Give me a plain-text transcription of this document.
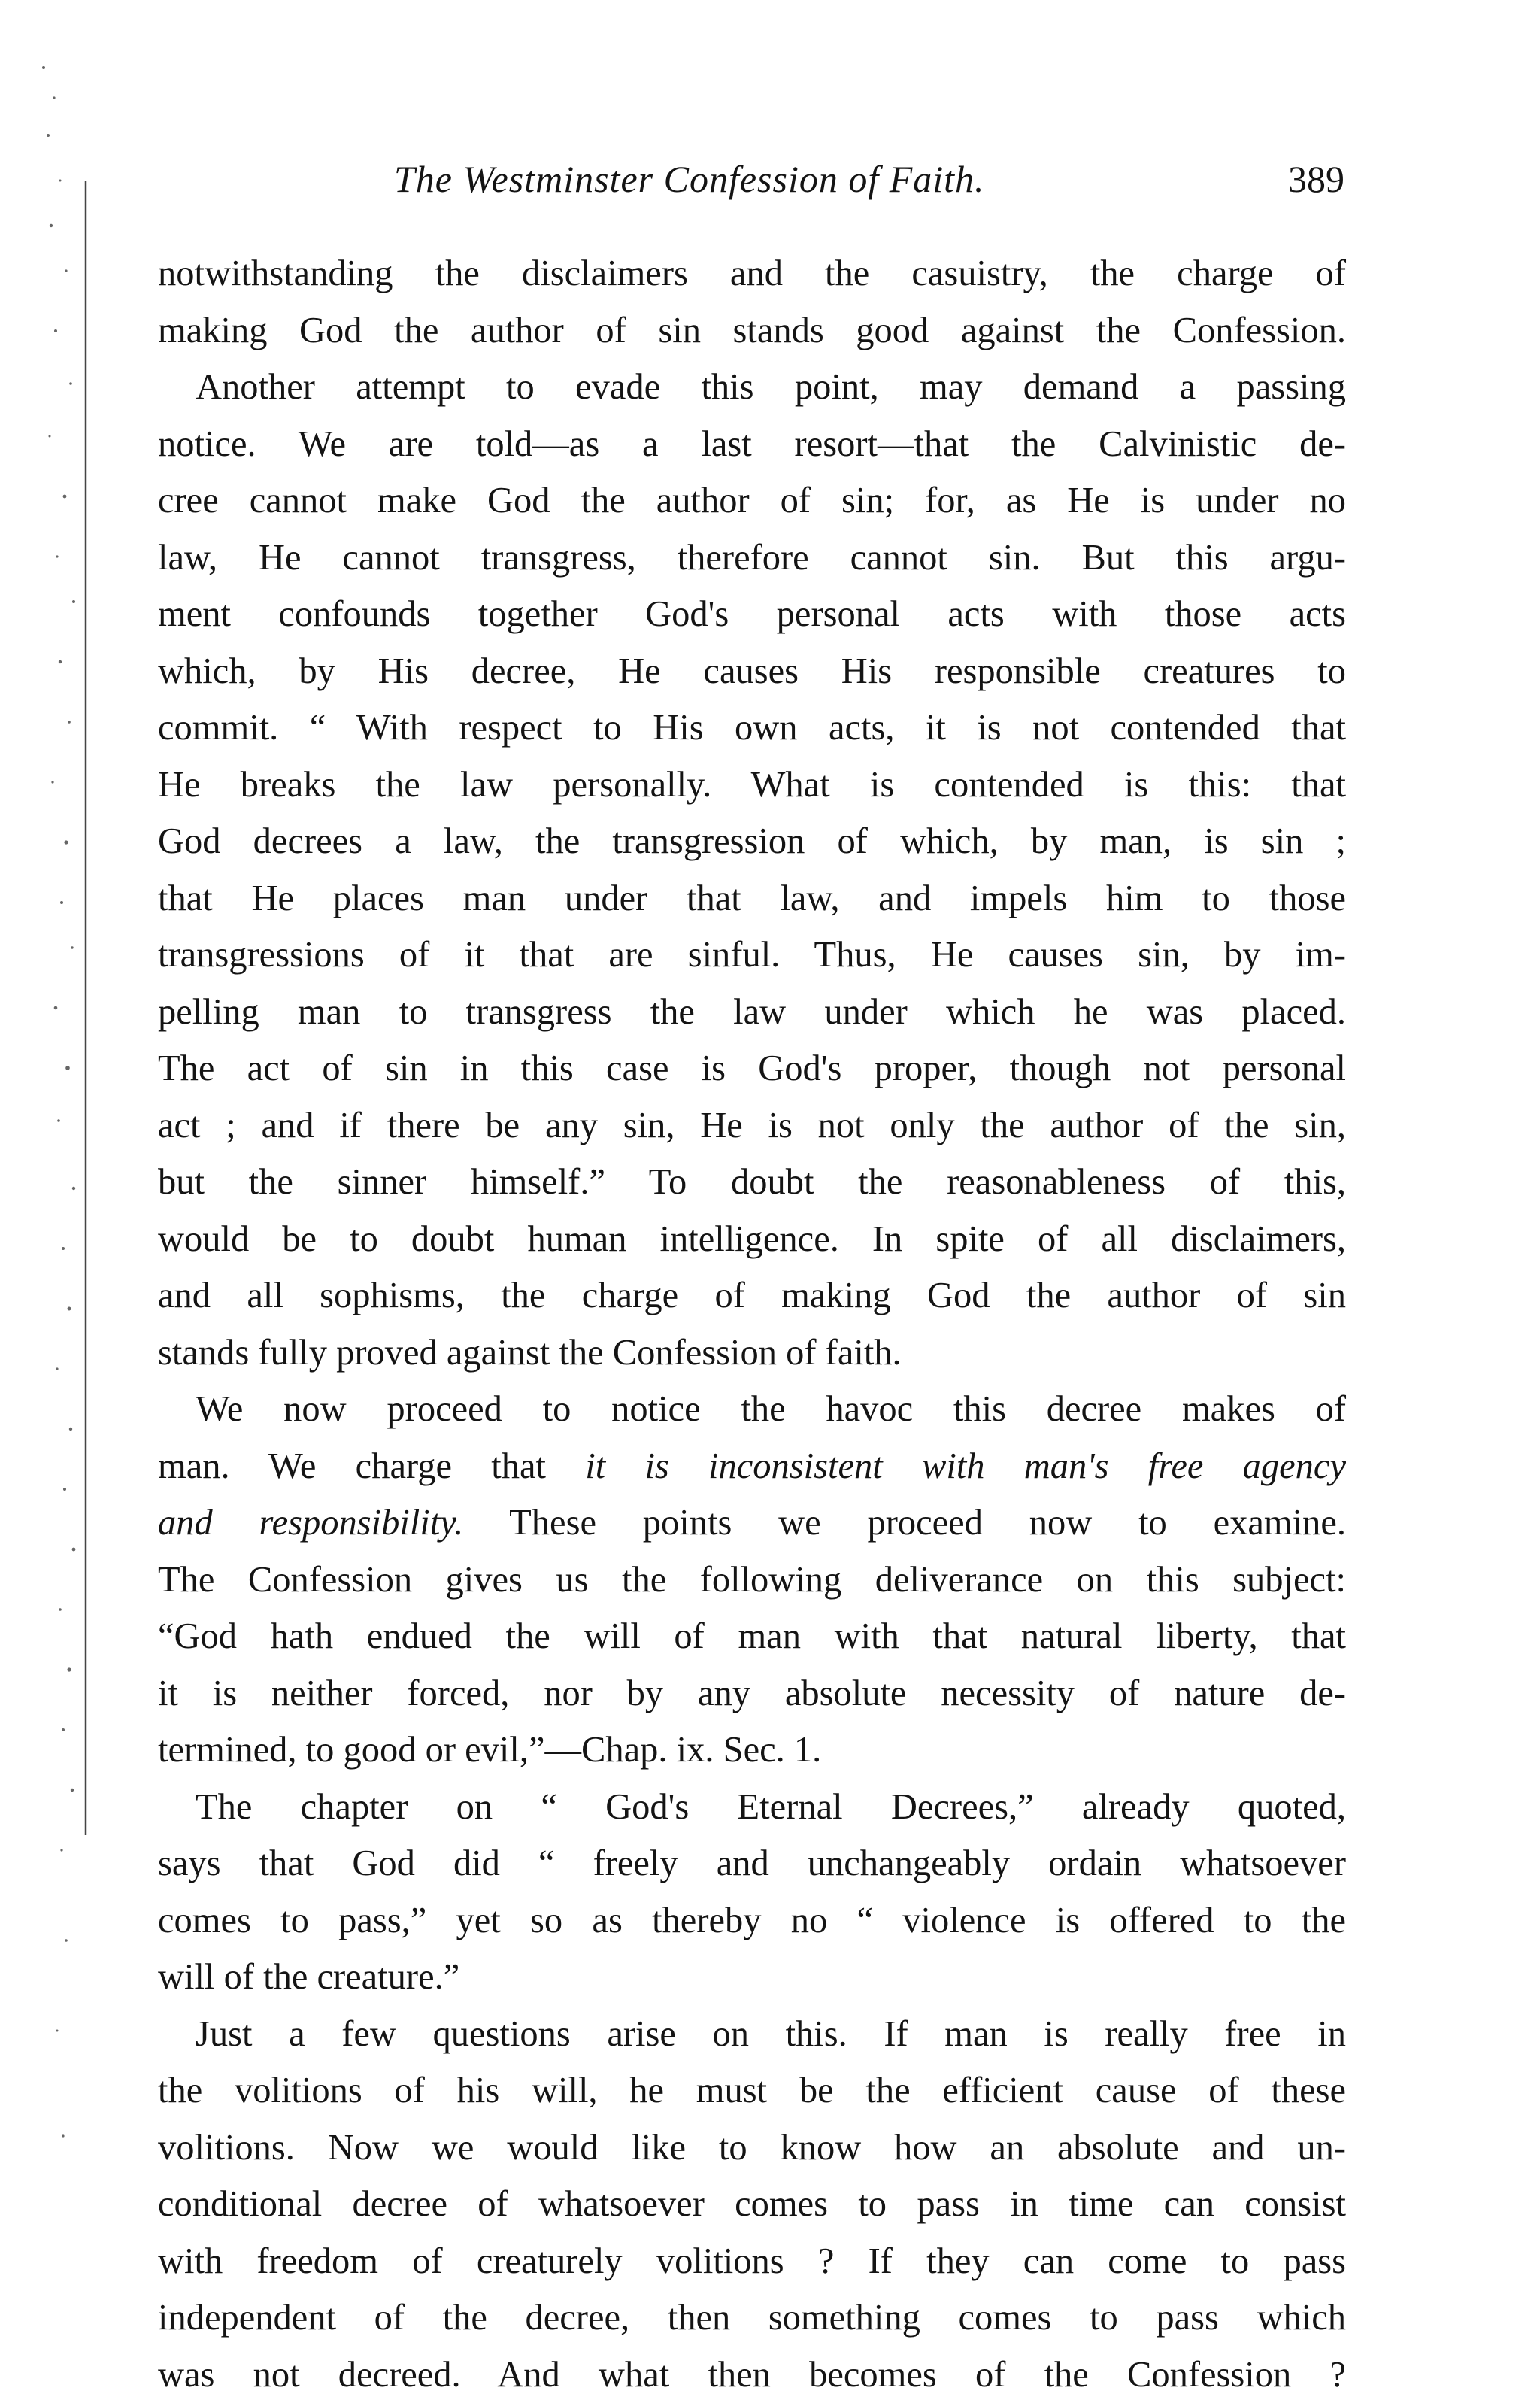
The Westminster Confession of Faith.	389
notwithstanding the disclaimers and the casuistry, the charge of
making God the author of sin stands good against the Confession.
Another attempt to evade this point, may demand a passing
notice. We are told—as a last resort—that the Calvinistic de-
cree cannot make God the author of sin; for, as He is under no
law, He cannot transgress, therefore cannot sin. But this argu-
ment confounds together God's personal acts with those acts
which, by His decree, He causes His responsible creatures to
commit. “ With respect to His own acts, it is not contended that
He breaks the law personally. What is contended is this: that
God decrees a law, the transgression of which, by man, is sin ;
that He places man under that law, and impels him to those
transgressions of it that are sinful. Thus, He causes sin, by im-
pelling man to transgress the law under which he was placed.
The act of sin in this case is God's proper, though not personal
act ; and if there be any sin, He is not only the author of the sin,
but the sinner himself.” To doubt the reasonableness of this,
would be to doubt human intelligence. In spite of all disclaimers,
and all sophisms, the charge of making God the author of sin
stands fully proved against the Confession of faith.
We now proceed to notice the havoc this decree makes of
man. We charge that it is inconsistent with man's free agency
and responsibility. These points we proceed now to examine.
The Confession gives us the following deliverance on this subject:
“God hath endued the will of man with that natural liberty, that
it is neither forced, nor by any absolute necessity of nature de-
termined, to good or evil,”—Chap. ix. Sec. 1.
The chapter on “ God's Eternal Decrees,” already quoted,
says that God did “ freely and unchangeably ordain whatsoever
comes to pass,” yet so as thereby no “ violence is offered to the
will of the creature.”
Just a few questions arise on this. If man is really free in
the volitions of his will, he must be the efficient cause of these
volitions. Now we would like to know how an absolute and un-
conditional decree of whatsoever comes to pass in time can consist
with freedom of creaturely volitions ? If they can come to pass
independent of the decree, then something comes to pass which
was not decreed. And what then becomes of the Confession ?
